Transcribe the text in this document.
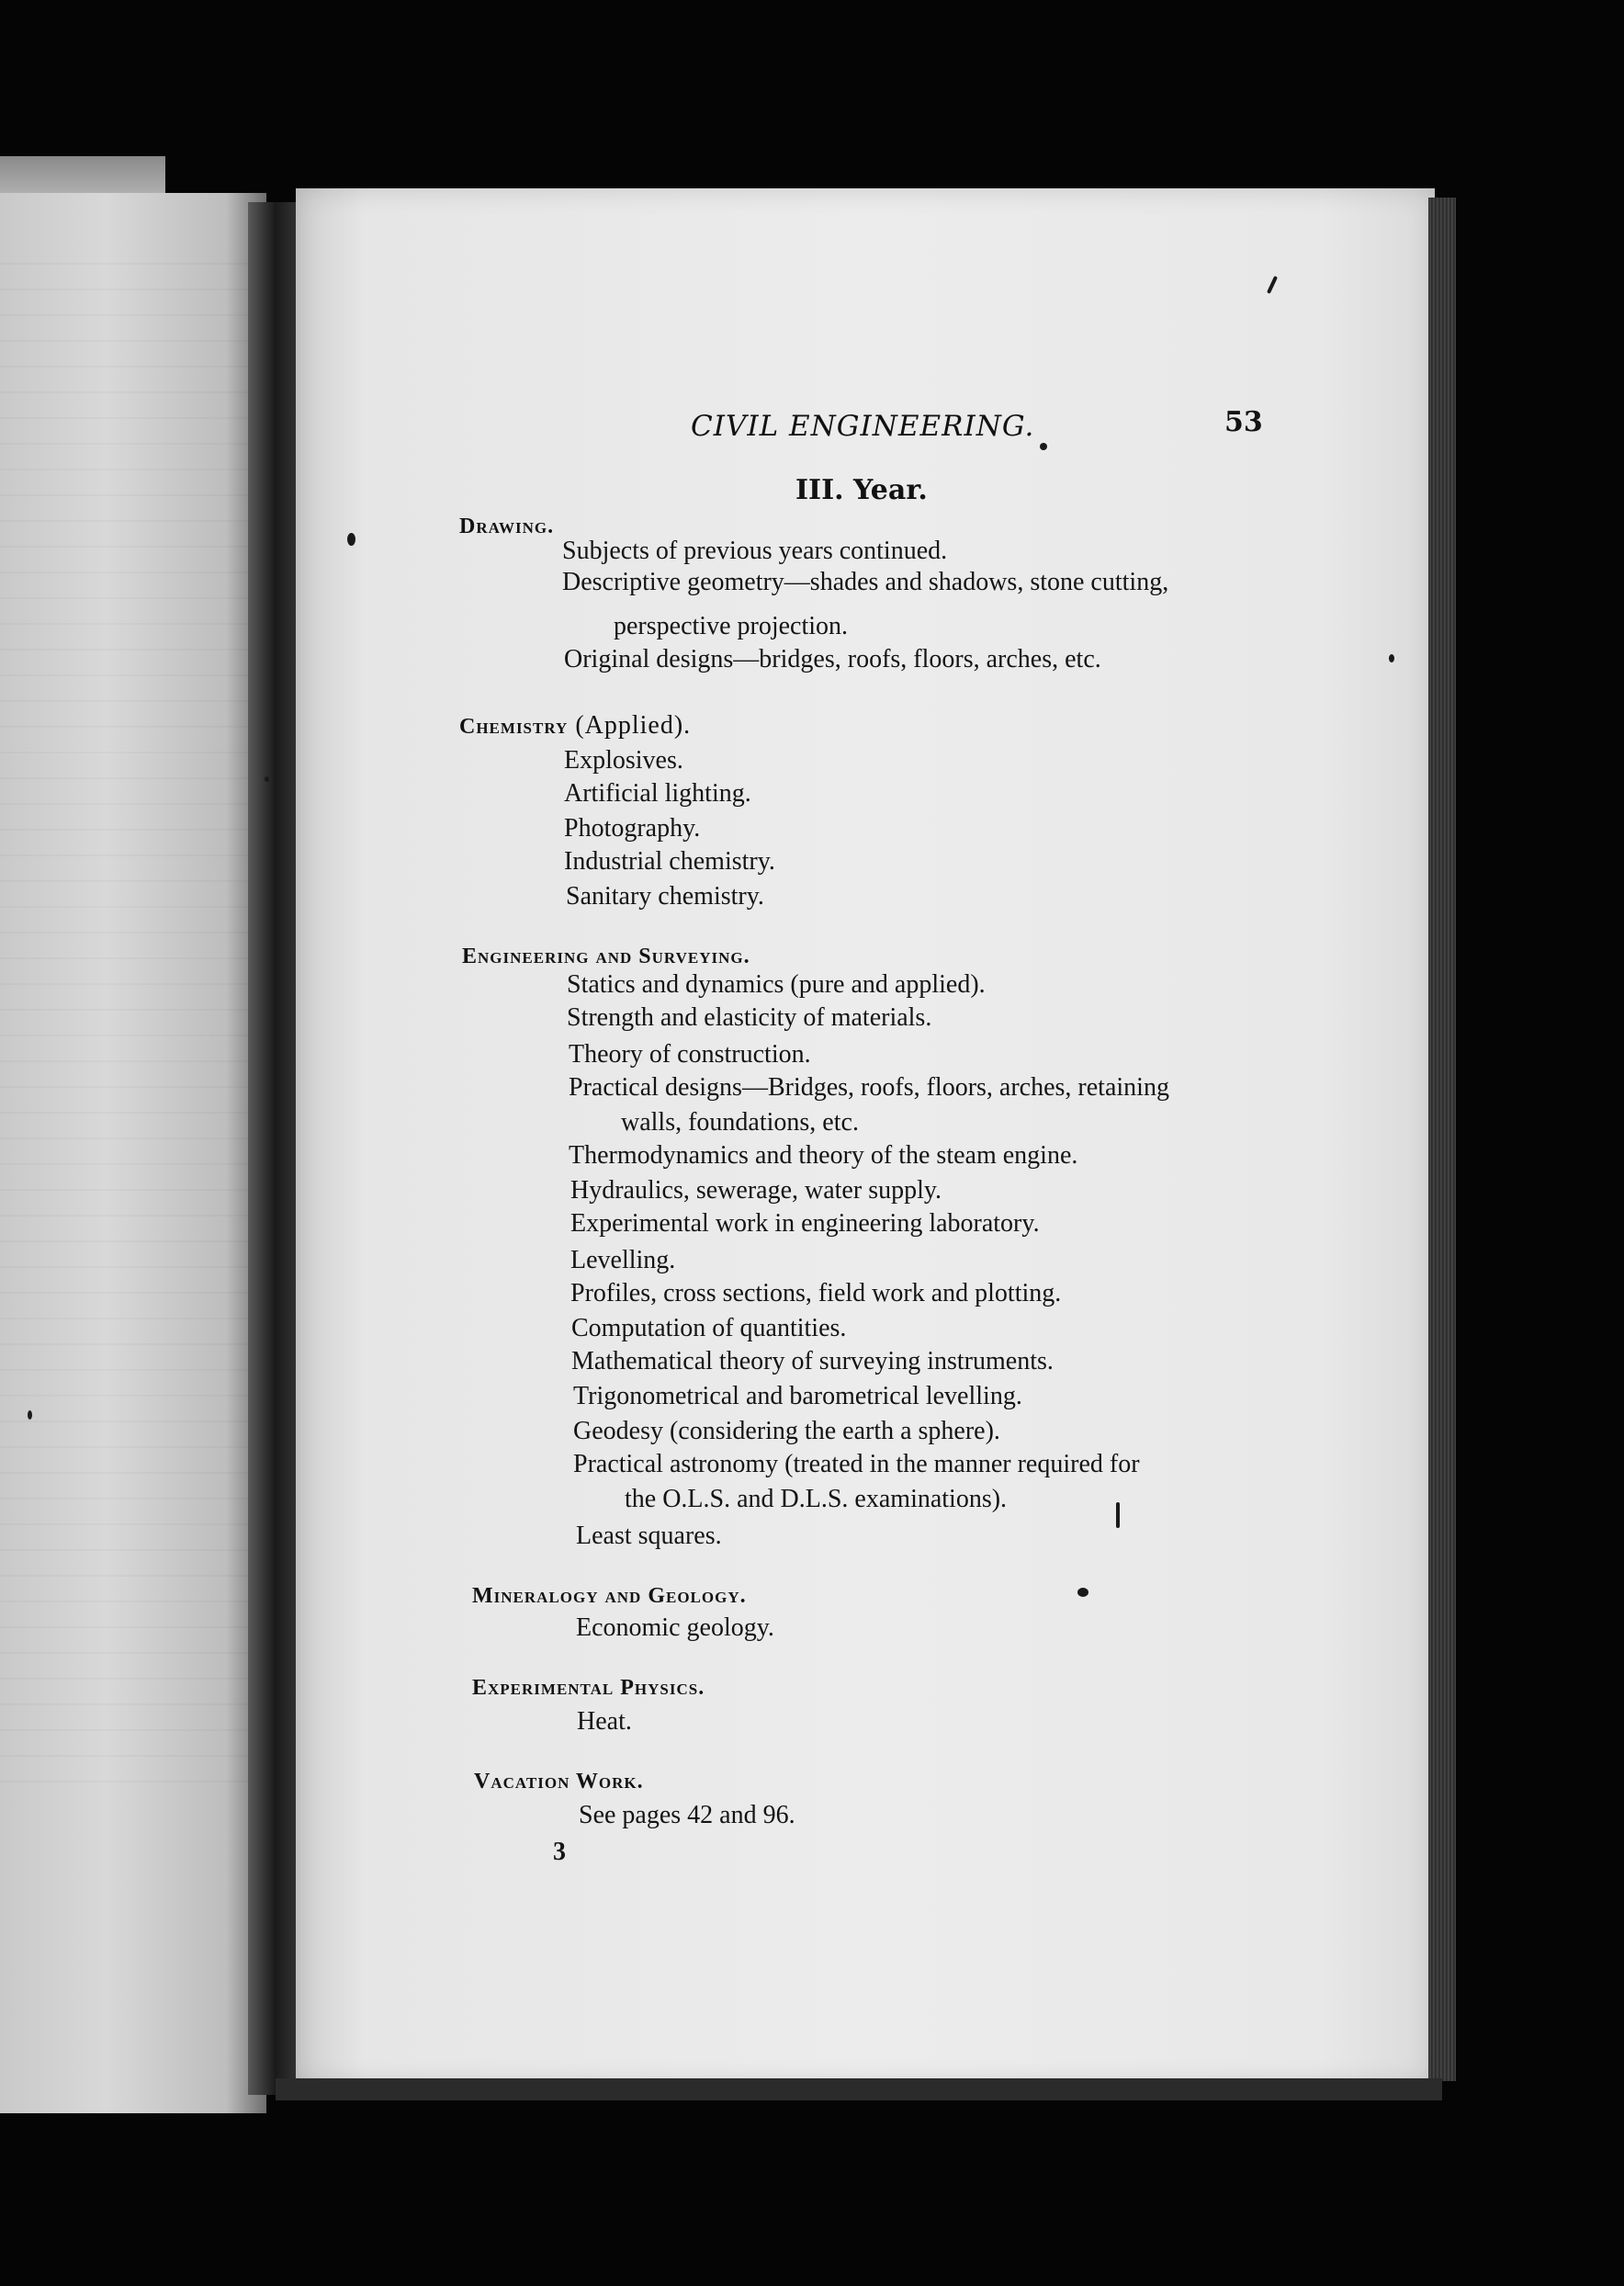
CIVIL ENGINEERING.	53
III. Year.
Drawing.
Subjects of previous years continued.
Descriptive geometry—shades and shadows, stone cutting,
perspective projection.
Original designs—bridges, roofs, floors, arches, etc.
Chemistry (Applied).
Explosives.
Artificial lighting.
Photography.
Industrial chemistry.
Sanitary chemistry.
Engineering and Surveying.
Statics and dynamics (pure and applied).
Strength and elasticity of materials.
Theory of construction.
Practical designs—Bridges, roofs, floors, arches, retaining
walls, foundations, etc.
Thermodynamics and theory of the steam engine.
Hydraulics, sewerage, water supply.
Experimental work in engineering laboratory.
Levelling.
Profiles, cross sections, field work and plotting.
Computation of quantities.
Mathematical theory of surveying instruments.
Trigonometrical and barometrical levelling.
Geodesy (considering the earth a sphere).
Practical astronomy (treated in the manner required for
the O.L.S. and D.L.S. examinations).
Least squares.
Mineralogy and Geology.
Economic geology.
Experimental Physics.
Heat.
Vacation Work.
See pages 42 and 96.
3
